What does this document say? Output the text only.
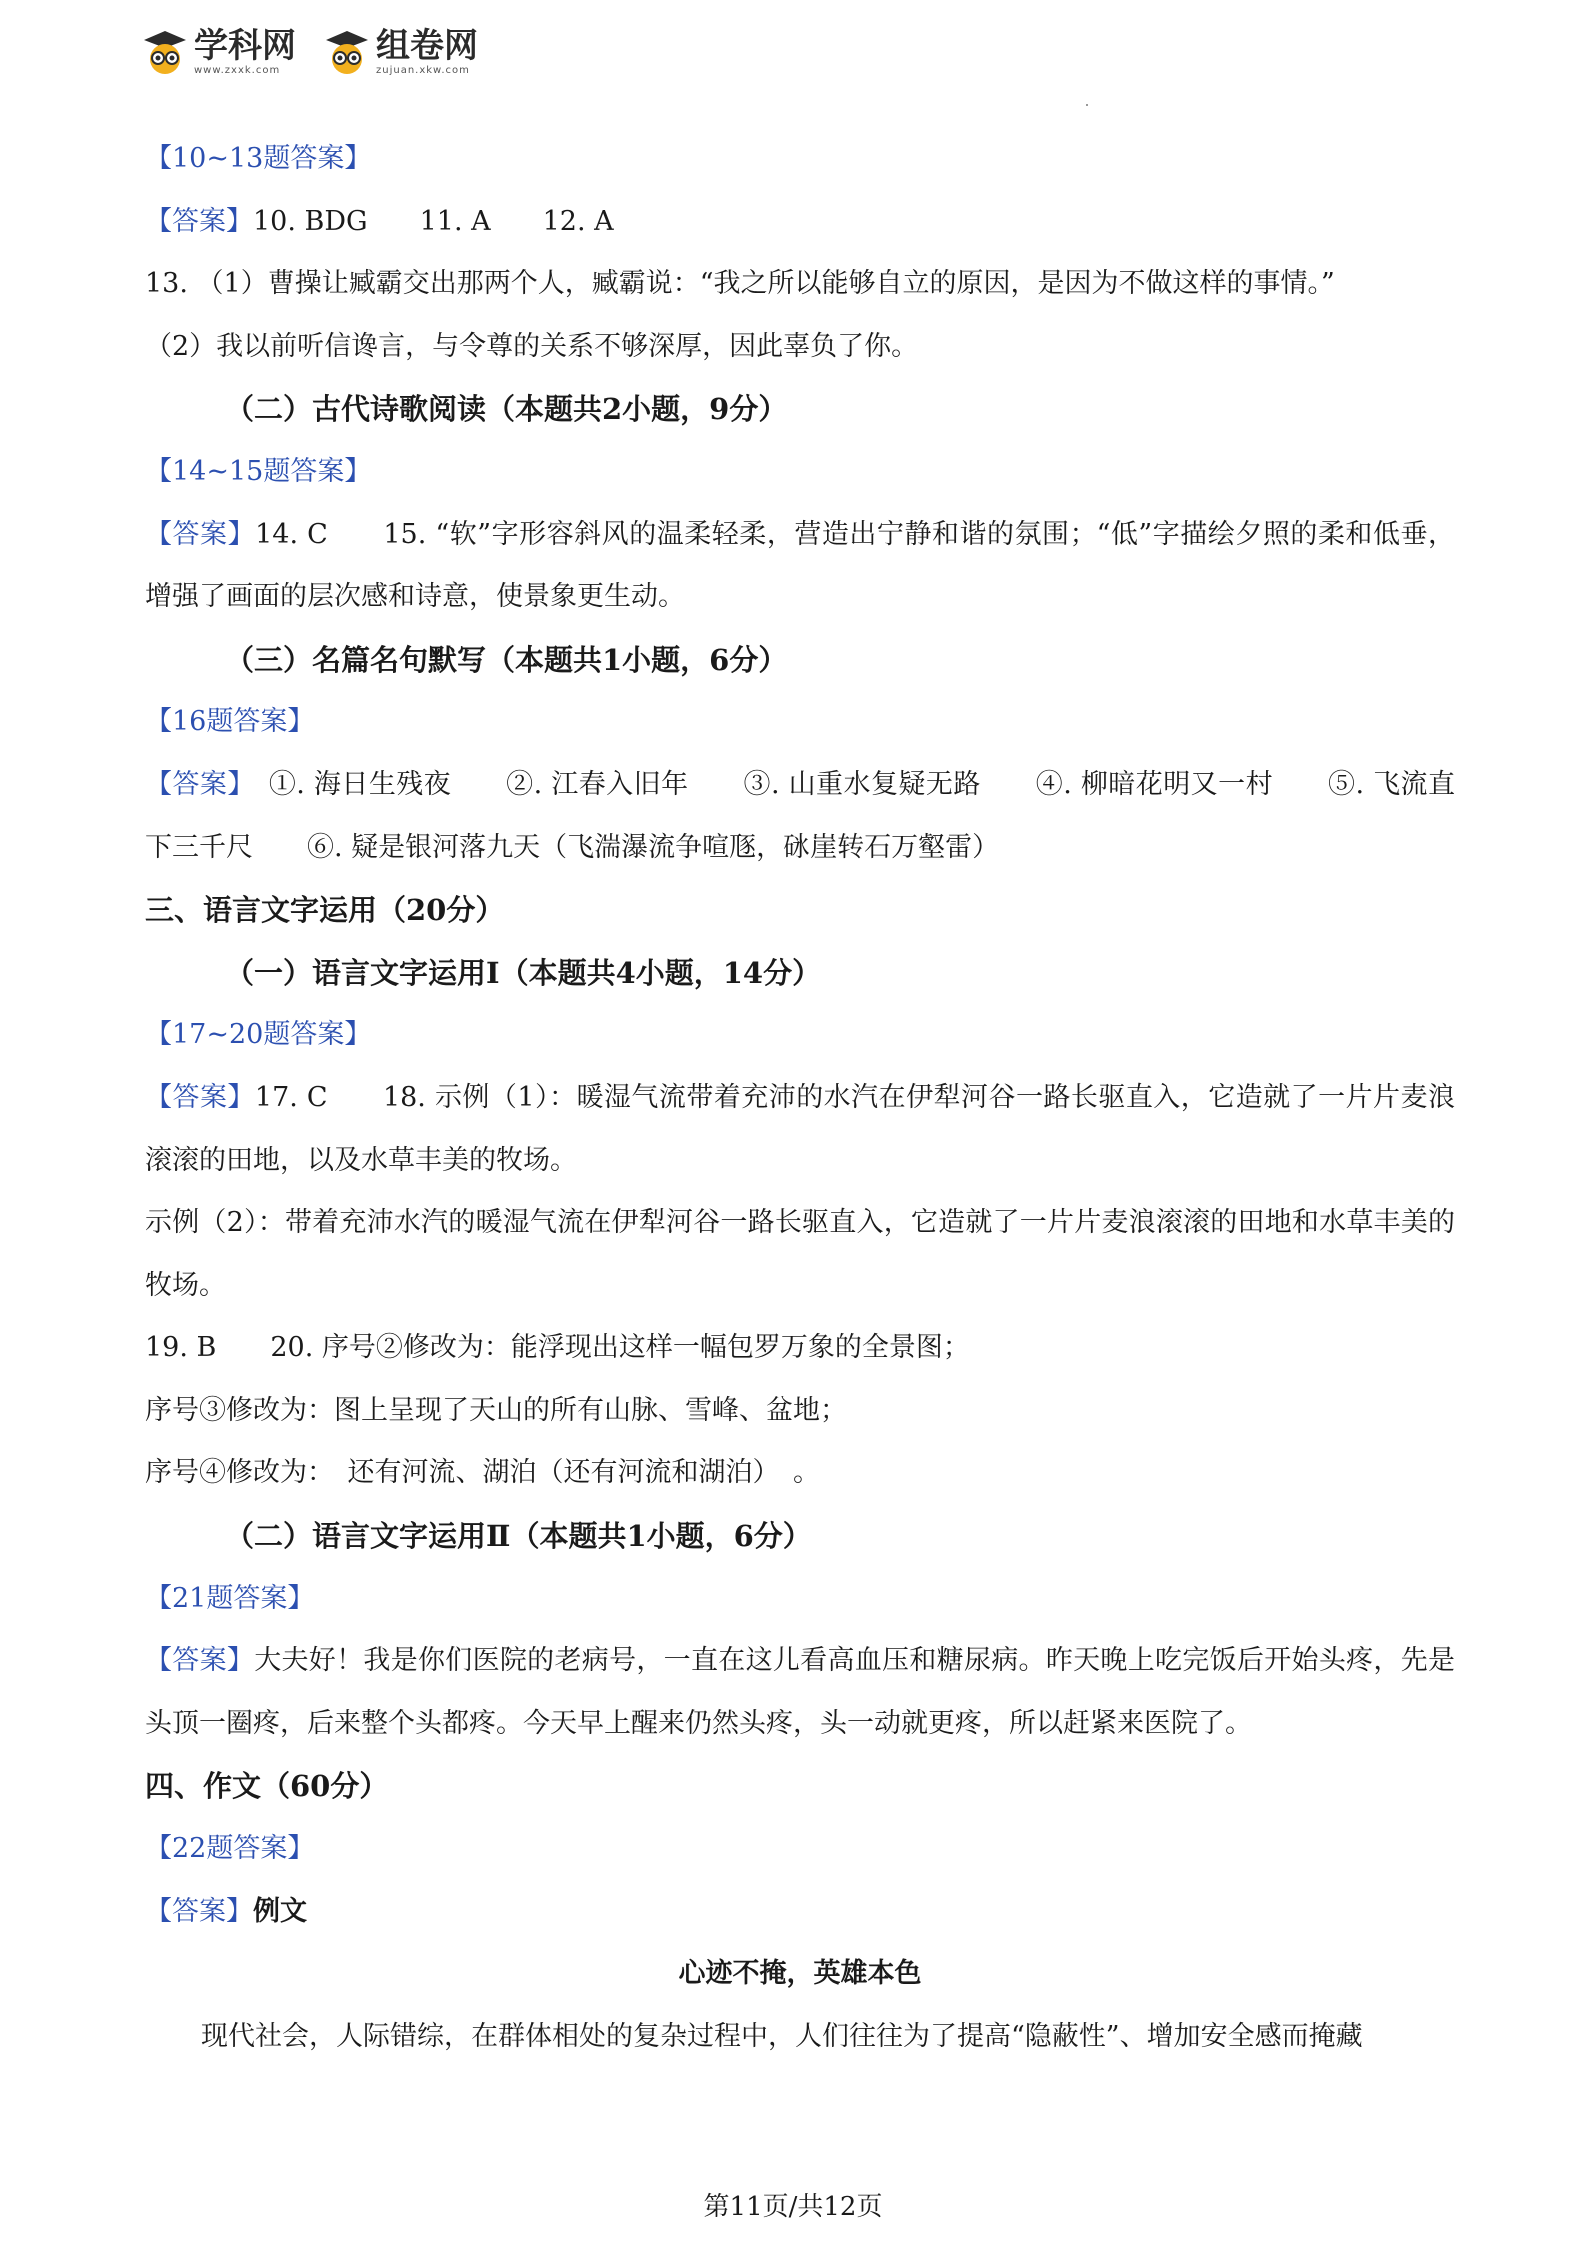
学科网
www.zxxk.com
组卷网
zujuan.xkw.com
【10~13题答案】
【答案】10. BDG 11. A 12. A
13. （1）曹操让臧霸交出那两个人，臧霸说：“我之所以能够自立的原因，是因为不做这样的事情。”
（2）我以前听信谗言，与令尊的关系不够深厚，因此辜负了你。
（二）古代诗歌阅读（本题共2小题，9分）
【14~15题答案】
【答案】14. C　　15. “软”字形容斜风的温柔轻柔，营造出宁静和谐的氛围；“低”字描绘夕照的柔和低垂，增强了画面的层次感和诗意，使景象更生动。
（三）名篇名句默写（本题共1小题，6分）
【16题答案】
【答案】　①. 海日生残夜　　②. 江春入旧年　　③. 山重水复疑无路　　④. 柳暗花明又一村　　⑤. 飞流直下三千尺　　⑥. 疑是银河落九天（飞湍瀑流争喧豗，砯崖转石万壑雷）
三、语言文字运用（20分）
（一）语言文字运用Ⅰ（本题共4小题，14分）
【17~20题答案】
【答案】17. C　　18. 示例（1）：暖湿气流带着充沛的水汽在伊犁河谷一路长驱直入，它造就了一片片麦浪滚滚的田地，以及水草丰美的牧场。
示例（2）：带着充沛水汽的暖湿气流在伊犁河谷一路长驱直入，它造就了一片片麦浪滚滚的田地和水草丰美的牧场。
19. B　　20. 序号②修改为：能浮现出这样一幅包罗万象的全景图；
序号③修改为：图上呈现了天山的所有山脉、雪峰、盆地；
序号④修改为：　还有河流、湖泊（还有河流和湖泊）　。
（二）语言文字运用Ⅱ（本题共1小题，6分）
【21题答案】
【答案】大夫好！我是你们医院的老病号，一直在这儿看高血压和糖尿病。昨天晚上吃完饭后开始头疼，先是头顶一圈疼，后来整个头都疼。今天早上醒来仍然头疼，头一动就更疼，所以赶紧来医院了。
四、作文（60分）
【22题答案】
【答案】例文
心迹不掩，英雄本色
现代社会，人际错综，在群体相处的复杂过程中，人们往往为了提高“隐蔽性”、增加安全感而掩藏
第11页/共12页
